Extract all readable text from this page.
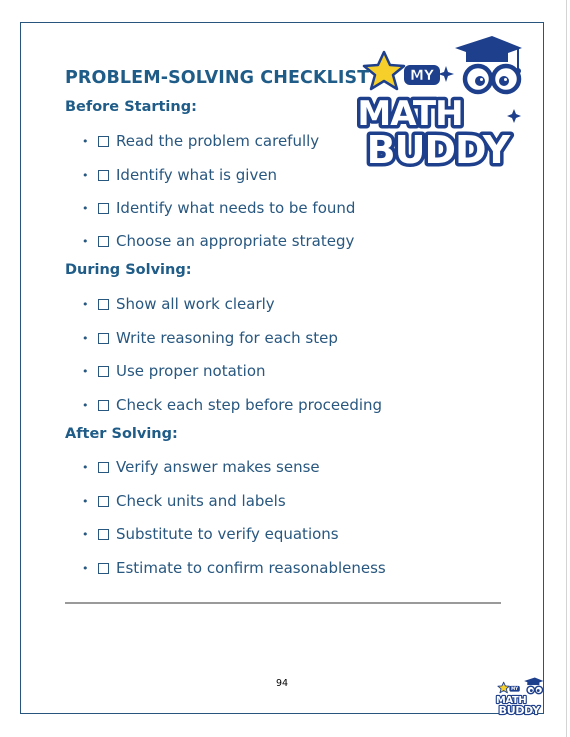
MY
MATH
BUDDY
PROBLEM-SOLVING CHECKLIST
Before Starting:
•	Read the problem carefully
•	Identify what is given
•	Identify what needs to be found
•	Choose an appropriate strategy
During Solving:
•	Show all work clearly
•	Write reasoning for each step
•	Use proper notation
•	Check each step before proceeding
After Solving:
•	Verify answer makes sense
•	Check units and labels
•	Substitute to verify equations
•	Estimate to confirm reasonableness
94	MY
MATH
BUDDY
